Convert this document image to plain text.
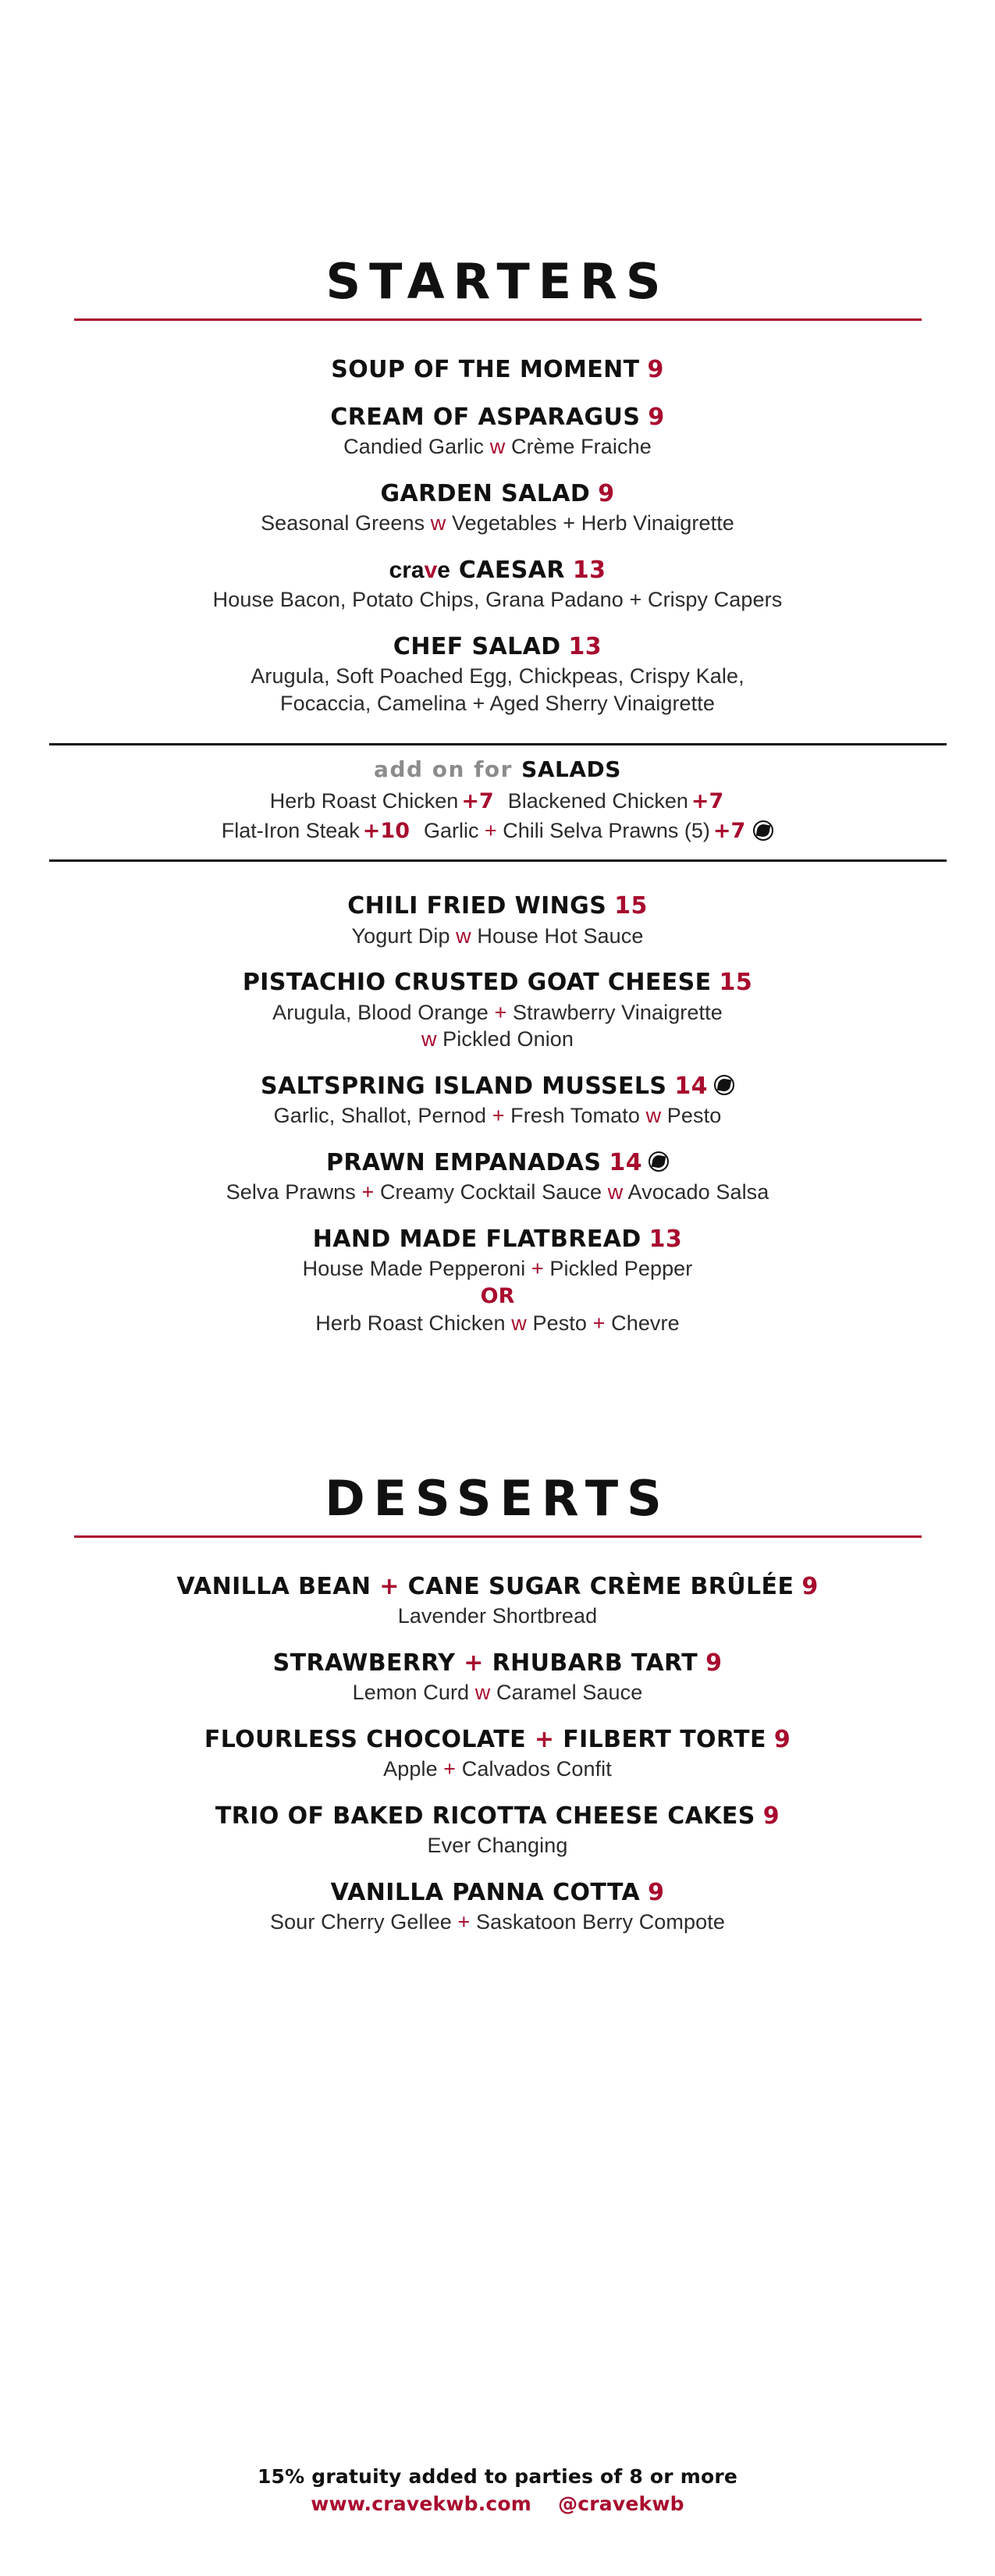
STARTERS
SOUP OF THE MOMENT 9
CREAM OF ASPARAGUS 9
Candied Garlic w Crème Fraiche
GARDEN SALAD 9
Seasonal Greens w Vegetables + Herb Vinaigrette
crave CAESAR 13
House Bacon, Potato Chips, Grana Padano + Crispy Capers
CHEF SALAD 13
Arugula, Soft Poached Egg, Chickpeas, Crispy Kale,
Focaccia, Camelina + Aged Sherry Vinaigrette
add on for SALADS
Herb Roast Chicken +7 Blackened Chicken +7
Flat-Iron Steak +10 Garlic + Chili Selva Prawns (5) +7
CHILI FRIED WINGS 15
Yogurt Dip w House Hot Sauce
PISTACHIO CRUSTED GOAT CHEESE 15
Arugula, Blood Orange + Strawberry Vinaigrette
w Pickled Onion
SALTSPRING ISLAND MUSSELS 14
Garlic, Shallot, Pernod + Fresh Tomato w Pesto
PRAWN EMPANADAS 14
Selva Prawns + Creamy Cocktail Sauce w Avocado Salsa
HAND MADE FLATBREAD 13
House Made Pepperoni + Pickled Pepper
OR
Herb Roast Chicken w Pesto + Chevre
DESSERTS
VANILLA BEAN + CANE SUGAR CRÈME BRÛLÉE 9
Lavender Shortbread
STRAWBERRY + RHUBARB TART 9
Lemon Curd w Caramel Sauce
FLOURLESS CHOCOLATE + FILBERT TORTE 9
Apple + Calvados Confit
TRIO OF BAKED RICOTTA CHEESE CAKES 9
Ever Changing
VANILLA PANNA COTTA 9
Sour Cherry Gellee + Saskatoon Berry Compote
15% gratuity added to parties of 8 or more
www.cravekwb.com @cravekwb
